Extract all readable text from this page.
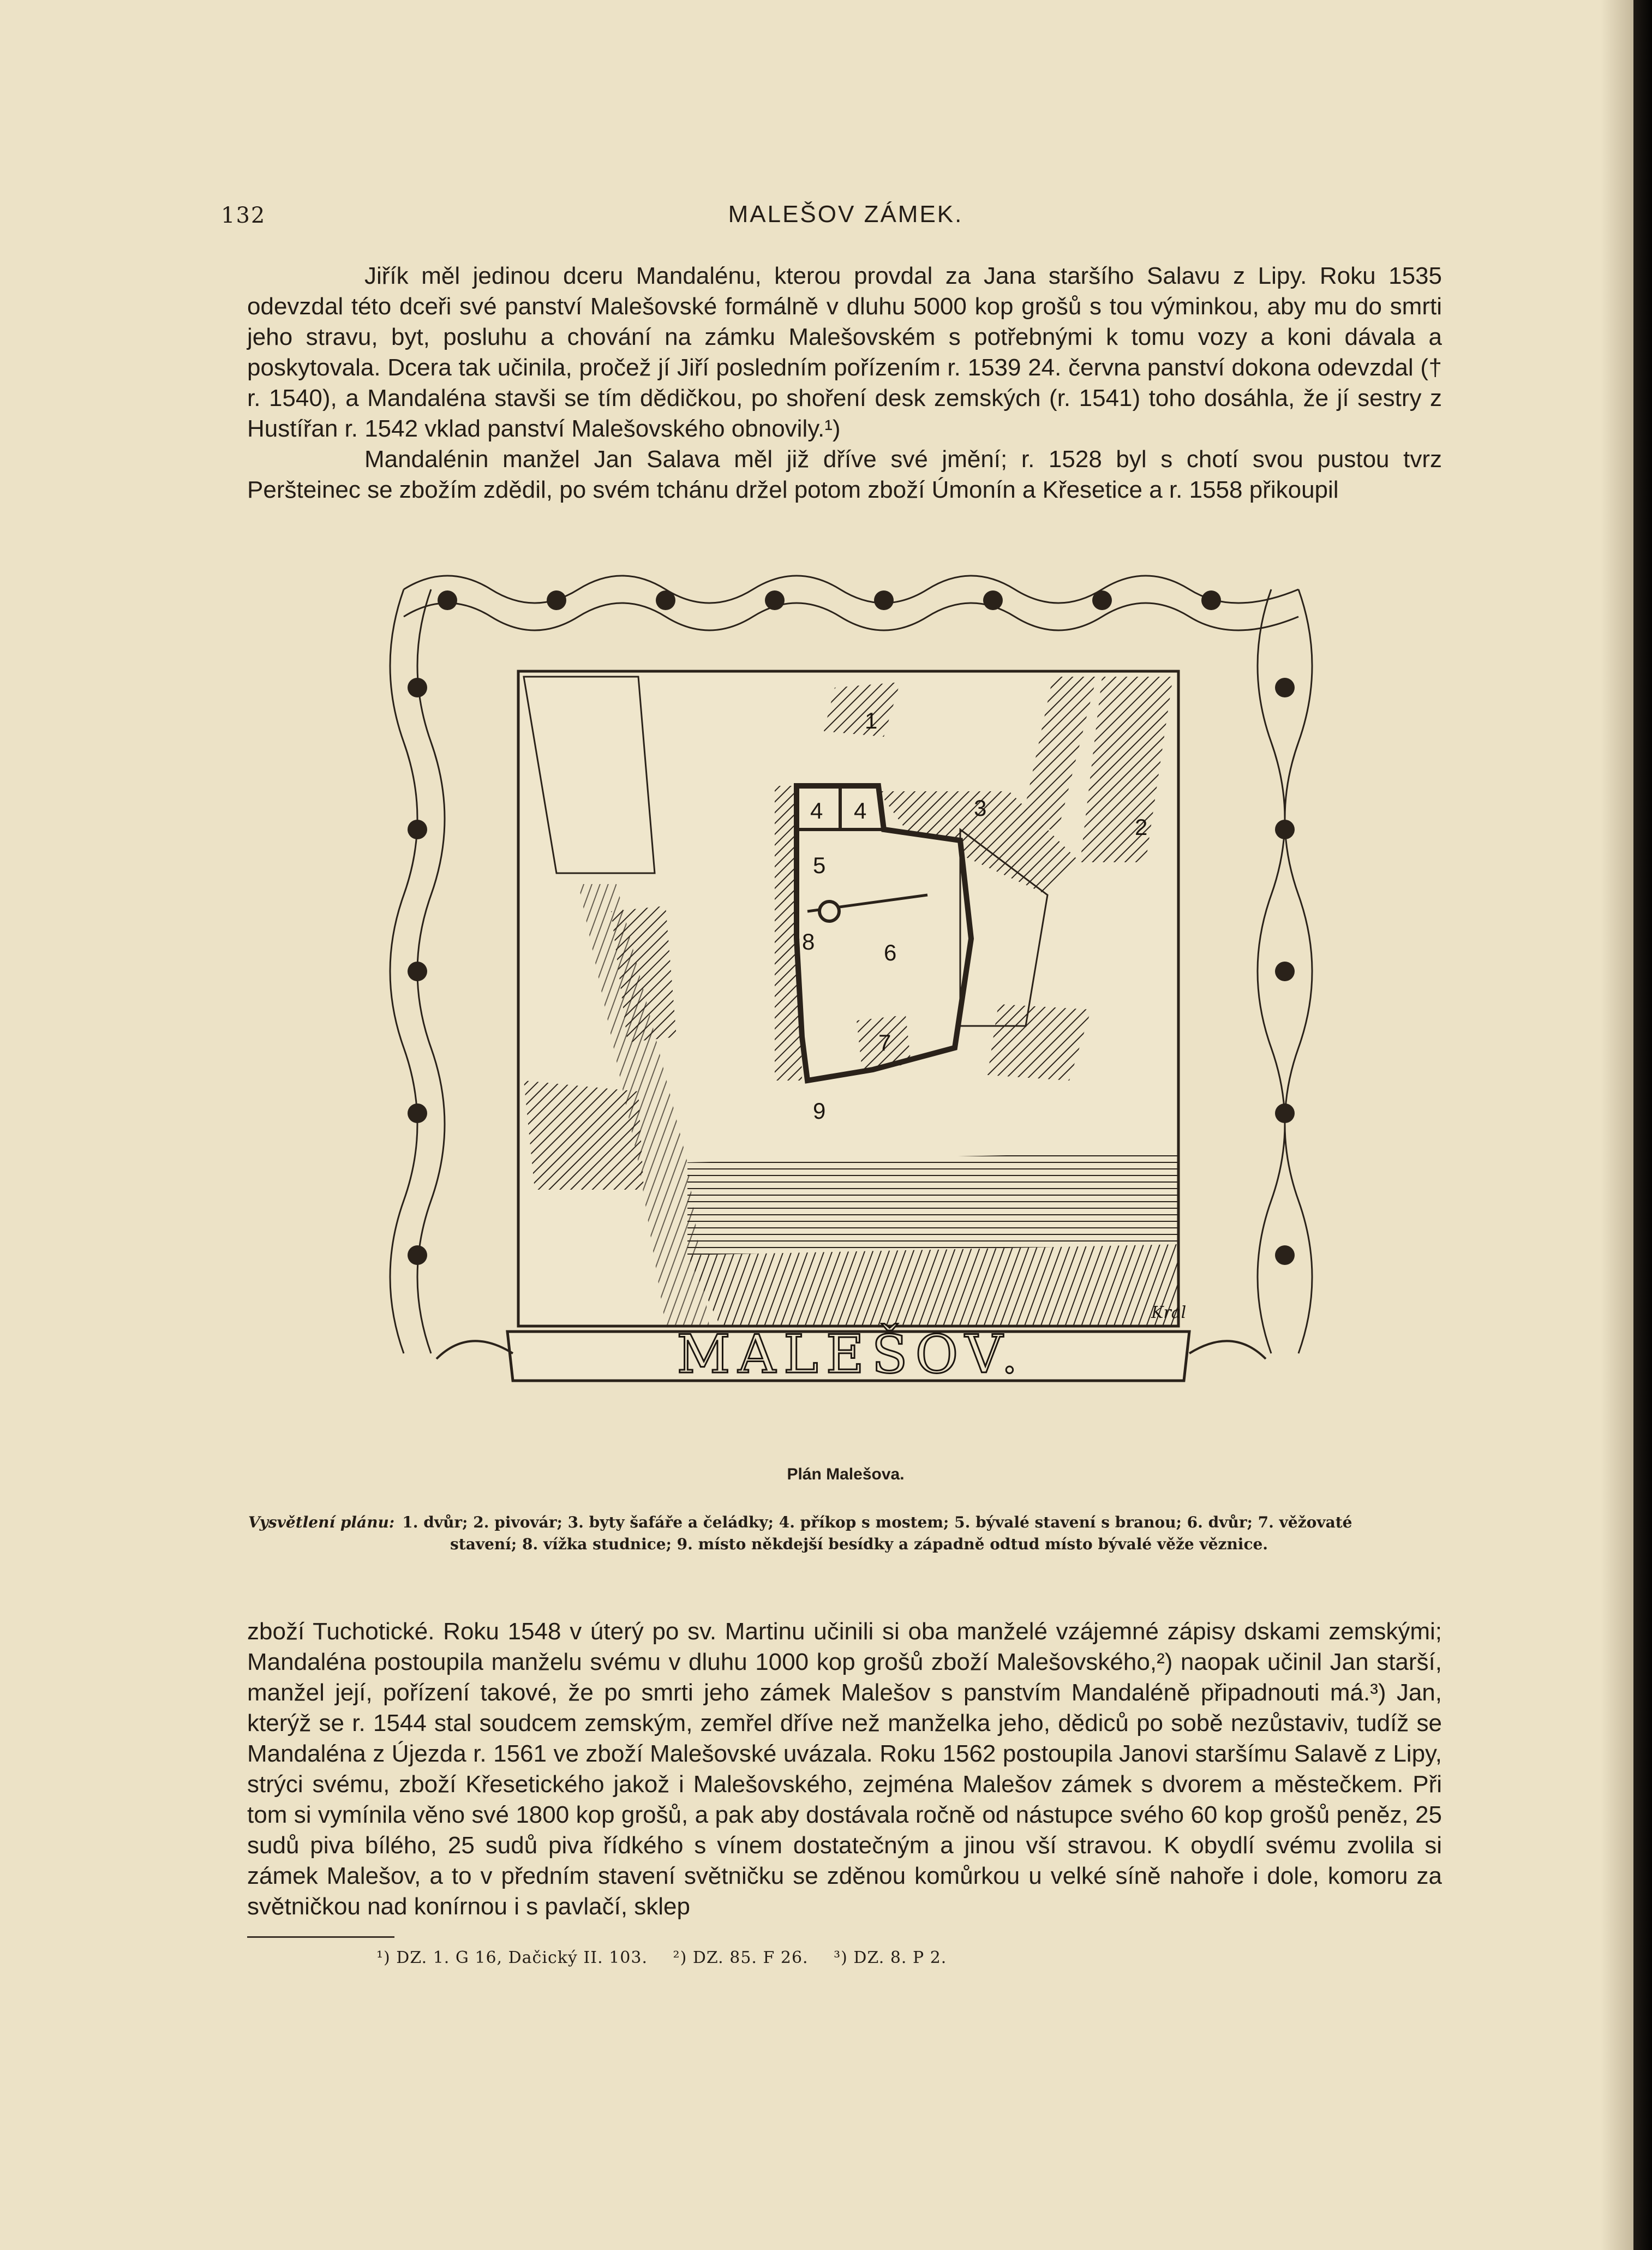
132	MALEŠOV ZÁMEK.

Jiřík měl jedinou dceru Mandalénu, kterou provdal za Jana staršího Salavu z Lipy. Roku 1535 odevzdal této dceři své panství Malešovské formálně v dluhu 5000 kop grošů s tou výminkou, aby mu do smrti jeho stravu, byt, posluhu a chování na zámku Malešovském s potřebnými k tomu vozy a koni dávala a poskytovala. Dcera tak učinila, pročež jí Jiří posledním pořízením r. 1539 24. června panství dokona odevzdal († r. 1540), a Mandaléna stavši se tím dědičkou, po shoření desk zemských (r. 1541) toho dosáhla, že jí sestry z Hustířan r. 1542 vklad panství Malešovského obnovily.¹)

Mandalénin manžel Jan Salava měl již dříve své jmění; r. 1528 byl s chotí svou pustou tvrz Peršteinec se zbožím zdědil, po svém tchánu držel potom zboží Úmonín a Křesetice a r. 1558 přikoupil

1
2
3
4 4
5
6
7
8
9
Kral
MALEŠOV.
Plán Malešova.
Vysvětlení plánu: 1. dvůr; 2. pivovár; 3. byty šafáře a čeládky; 4. příkop s mostem; 5. bývalé stavení s branou; 6. dvůr; 7. věžovaté
stavení; 8. vížka studnice; 9. místo někdejší besídky a západně odtud místo bývalé věže věznice.

zboží Tuchotické. Roku 1548 v úterý po sv. Martinu učinili si oba manželé vzájemné zápisy dskami zemskými; Mandaléna postoupila manželu svému v dluhu 1000 kop grošů zboží Malešovského,²) naopak učinil Jan starší, manžel její, pořízení takové, že po smrti jeho zámek Malešov s panstvím Mandaléně připadnouti má.³) Jan, kterýž se r. 1544 stal soudcem zemským, zemřel dříve než manželka jeho, dědiců po sobě nezůstaviv, tudíž se Mandaléna z Újezda r. 1561 ve zboží Malešovské uvázala. Roku 1562 postoupila Janovi staršímu Salavě z Lipy, strýci svému, zboží Křesetického jakož i Malešovského, zejména Malešov zámek s dvorem a městečkem. Při tom si vymínila věno své 1800 kop grošů, a pak aby dostávala ročně od nástupce svého 60 kop grošů peněz, 25 sudů piva bílého, 25 sudů piva řídkého s vínem dostatečným a jinou vší stravou. K obydlí svému zvolila si zámek Malešov, a to v předním stavení světničku se zděnou komůrkou u velké síně nahoře i dole, komoru za světničkou nad konírnou i s pavlačí, sklep

¹) DZ. 1. G 16, Dačický II. 103. ²) DZ. 85. F 26. ³) DZ. 8. P 2.
